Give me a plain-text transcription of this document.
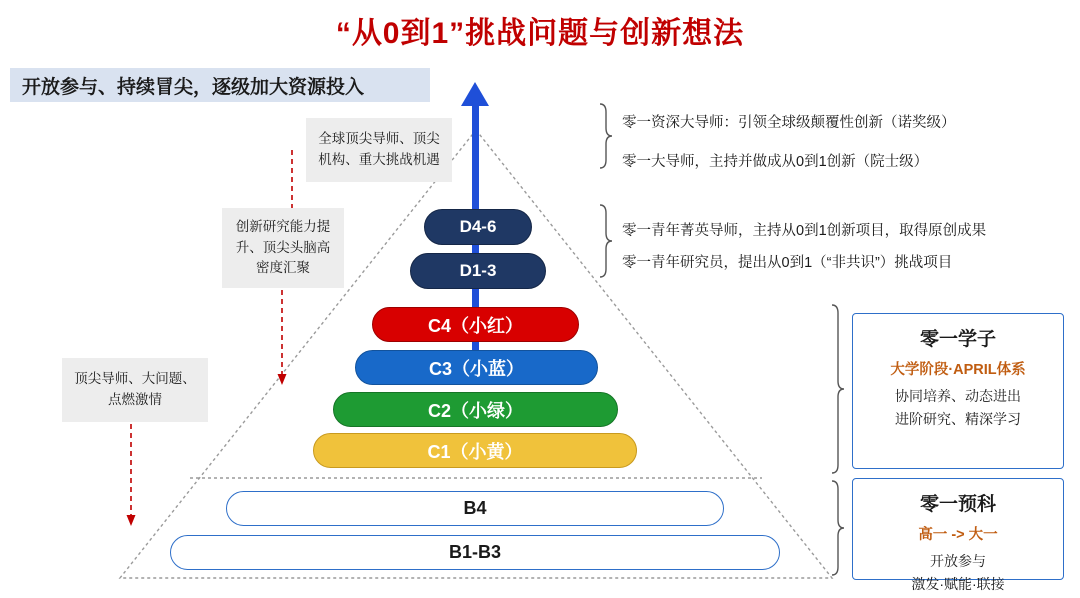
“从0到1”挑战问题与创新想法
开放参与、持续冒尖，逐级加大资源投入
D4-6
D1-3
C4（小红）
C3（小蓝）
C2（小绿）
C1（小黄）
B4
B1-B3
全球顶尖导师、顶尖机构、重大挑战机遇
创新研究能力提升、顶尖头脑高密度汇聚
顶尖导师、大问题、点燃激情
零一资深大导师：引领全球级颠覆性创新（诺奖级）
零一大导师，主持并做成从0到1创新（院士级）
零一青年菁英导师，主持从0到1创新项目，取得原创成果
零一青年研究员，提出从0到1（“非共识”）挑战项目
零一学子
大学阶段·APRIL体系
协同培养、动态进出
进阶研究、精深学习
零一预科
高一 -> 大一
开放参与
激发·赋能·联接
